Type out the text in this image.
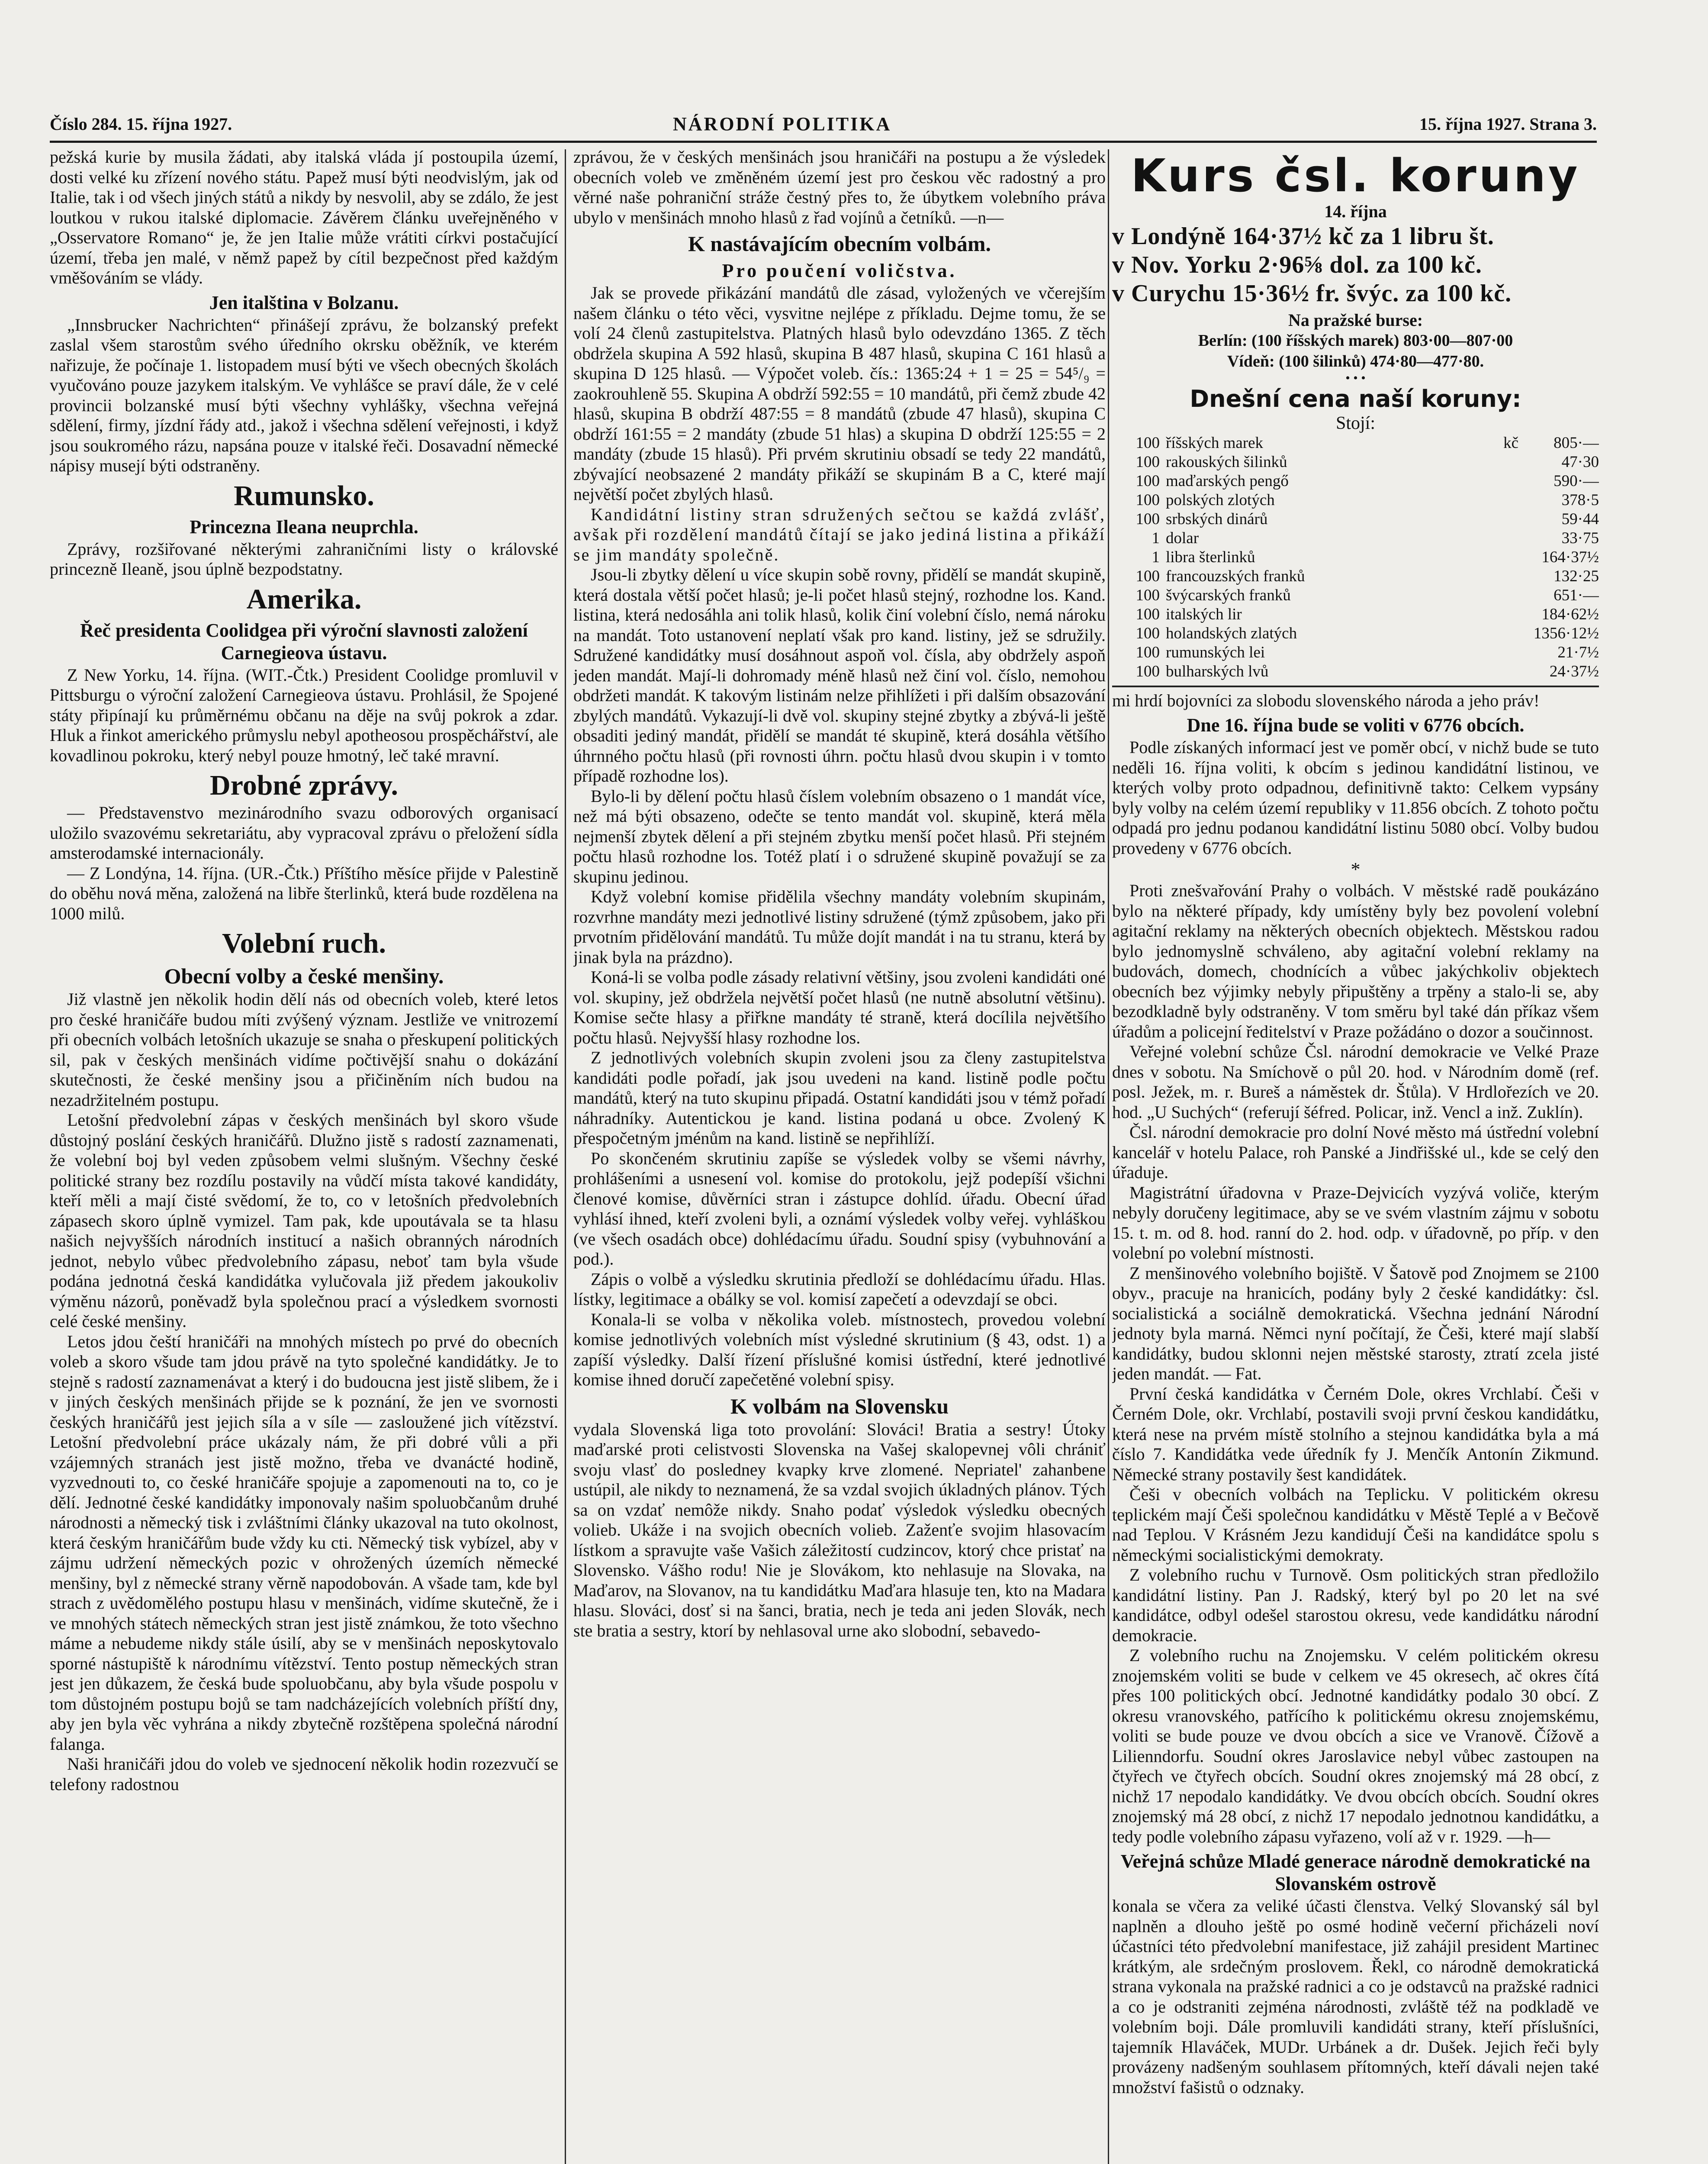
Číslo 284. 15. října 1927.	NÁRODNÍ POLITIKA	15. října 1927. Strana 3.

pežská kurie by musila žádati, aby italská vláda jí postoupila území, dosti velké ku zřízení nového státu. Papež musí býti neodvislým, jak od Italie, tak i od všech jiných států a nikdy by nesvolil, aby se zdálo, že jest loutkou v rukou italské diplomacie. Závěrem článku uveřejněného v „Osservatore Romano“ je, že jen Italie může vrátiti církvi postačující území, třeba jen malé, v němž papež by cítil bezpečnost před každým vměšováním se vlády.

Jen italština v Bolzanu.

„Innsbrucker Nachrichten“ přinášejí zprávu, že bolzanský prefekt zaslal všem starostům svého úředního okrsku oběžník, ve kterém nařizuje, že počínaje 1. listopadem musí býti ve všech obecných školách vyučováno pouze jazykem italským. Ve vyhlášce se praví dále, že v celé provincii bolzanské musí býti všechny vyhlášky, všechna veřejná sdělení, firmy, jízdní řády atd., jakož i všechna sdělení veřejnosti, i když jsou soukromého rázu, napsána pouze v italské řeči. Dosavadní německé nápisy musejí býti odstraněny.

Rumunsko.
Princezna Ileana neuprchla.

Zprávy, rozšiřované některými zahraničními listy o královské princezně Ileaně, jsou úplně bezpodstatny.

Amerika.
Řeč presidenta Coolidgea při výroční slavnosti založení Carnegieova ústavu.

Z New Yorku, 14. října. (WIT.-Čtk.) President Coolidge promluvil v Pittsburgu o výroční založení Carnegieova ústavu. Prohlásil, že Spojené státy připínají ku průměrnému občanu na děje na svůj pokrok a zdar. Hluk a řinkot amerického průmyslu nebyl apotheosou prospěchářství, ale kovadlinou pokroku, který nebyl pouze hmotný, leč také mravní.

Drobné zprávy.

— Představenstvo mezinárodního svazu odborových organisací uložilo svazovému sekretariátu, aby vypracoval zprávu o přeložení sídla amsterodamské internacionály.

— Z Londýna, 14. října. (UR.-Čtk.) Příštího měsíce přijde v Palestině do oběhu nová měna, založená na libře šterlinků, která bude rozdělena na 1000 milů.

Volební ruch.
Obecní volby a české menšiny.

Již vlastně jen několik hodin dělí nás od obecních voleb, které letos pro české hraničáře budou míti zvýšený význam. Jestliže ve vnitrozemí při obecních volbách letošních ukazuje se snaha o přeskupení politických sil, pak v českých menšinách vidíme počtivější snahu o dokázání skutečnosti, že české menšiny jsou a přičiněním ních budou na nezadržitelném postupu.

Letošní předvolební zápas v českých menšinách byl skoro všude důstojný poslání českých hraničářů. Dlužno jistě s radostí zaznamenati, že volební boj byl veden způsobem velmi slušným. Všechny české politické strany bez rozdílu postavily na vůdčí místa takové kandidáty, kteří měli a mají čisté svědomí, že to, co v letošních předvolebních zápasech skoro úplně vymizel. Tam pak, kde upoutávala se ta hlasu našich nejvyšších národních institucí a našich obranných národních jednot, nebylo vůbec předvolebního zápasu, neboť tam byla všude podána jednotná česká kandidátka vylučovala již předem jakoukoliv výměnu názorů, poněvadž byla společnou prací a výsledkem svornosti celé české menšiny.

Letos jdou čeští hraničáři na mnohých místech po prvé do obecních voleb a skoro všude tam jdou právě na tyto společné kandidátky. Je to stejně s radostí zaznamenávat a který i do budoucna jest jistě slibem, že i v jiných českých menšinách přijde se k poznání, že jen ve svornosti českých hraničářů jest jejich síla a v síle — zasloužené jich vítězství. Letošní předvolební práce ukázaly nám, že při dobré vůli a při vzájemných stranách jest jistě možno, třeba ve dvanácté hodině, vyzvednouti to, co české hraničáře spojuje a zapomenouti na to, co je dělí. Jednotné české kandidátky imponovaly našim spoluobčanům druhé národnosti a německý tisk i zvláštními články ukazoval na tuto okolnost, která českým hraničářům bude vždy ku cti. Německý tisk vybízel, aby v zájmu udržení německých pozic v ohrožených územích německé menšiny, byl z německé strany věrně napodobován. A všade tam, kde byl strach z uvědomělého postupu hlasu v menšinách, vidíme skutečně, že i ve mnohých státech německých stran jest jistě známkou, že toto všechno máme a nebudeme nikdy stále úsilí, aby se v menšinách neposkytovalo sporné nástupiště k národnímu vítězství. Tento postup německých stran jest jen důkazem, že česká bude spoluobčanu, aby byla všude pospolu v tom důstojném postupu bojů se tam nadcházejících volebních příští dny, aby jen byla věc vyhrána a nikdy zbytečně rozštěpena společná národní falanga.

Naši hraničáři jdou do voleb ve sjednocení několik hodin rozezvučí se telefony radostnou

zprávou, že v českých menšinách jsou hraničáři na postupu a že výsledek obecních voleb ve změněném území jest pro českou věc radostný a pro věrné naše pohraniční stráže čestný přes to, že úbytkem volebního práva ubylo v menšinách mnoho hlasů z řad vojínů a četníků. —n—

K nastávajícím obecním volbám.
Pro poučení voličstva.

Jak se provede přikázání mandátů dle zásad, vyložených ve včerejším našem článku o této věci, vysvitne nejlépe z příkladu. Dejme tomu, že se volí 24 členů zastupitelstva. Platných hlasů bylo odevzdáno 1365. Z těch obdržela skupina A 592 hlasů, skupina B 487 hlasů, skupina C 161 hlasů a skupina D 125 hlasů. — Výpočet voleb. čís.: 1365:24 + 1 = 25 = 54⁵/₉ = zaokrouhleně 55. Skupina A obdrží 592:55 = 10 mandátů, při čemž zbude 42 hlasů, skupina B obdrží 487:55 = 8 mandátů (zbude 47 hlasů), skupina C obdrží 161:55 = 2 mandáty (zbude 51 hlas) a skupina D obdrží 125:55 = 2 mandáty (zbude 15 hlasů). Při prvém skrutiniu obsadí se tedy 22 mandátů, zbývající neobsazené 2 mandáty přikáží se skupinám B a C, které mají největší počet zbylých hlasů.

Kandidátní listiny stran sdružených sečtou se každá zvlášť, avšak při rozdělení mandátů čítají se jako jediná listina a přikáží se jim mandáty společně.

Jsou-li zbytky dělení u více skupin sobě rovny, přidělí se mandát skupině, která dostala větší počet hlasů; je-li počet hlasů stejný, rozhodne los. Kand. listina, která nedosáhla ani tolik hlasů, kolik činí volební číslo, nemá nároku na mandát. Toto ustanovení neplatí však pro kand. listiny, jež se sdružily. Sdružené kandidátky musí dosáhnout aspoň vol. čísla, aby obdržely aspoň jeden mandát. Mají-li dohromady méně hlasů než činí vol. číslo, nemohou obdržeti mandát. K takovým listinám nelze přihlížeti i při dalším obsazování zbylých mandátů. Vykazují-li dvě vol. skupiny stejné zbytky a zbývá-li ještě obsaditi jediný mandát, přidělí se mandát té skupině, která dosáhla většího úhrnného počtu hlasů (při rovnosti úhrn. počtu hlasů dvou skupin i v tomto případě rozhodne los).

Bylo-li by dělení počtu hlasů číslem volebním obsazeno o 1 mandát více, než má býti obsazeno, odečte se tento mandát vol. skupině, která měla nejmenší zbytek dělení a při stejném zbytku menší počet hlasů. Při stejném počtu hlasů rozhodne los. Totéž platí i o sdružené skupině považují se za skupinu jedinou.

Když volební komise přidělila všechny mandáty volebním skupinám, rozvrhne mandáty mezi jednotlivé listiny sdružené (týmž způsobem, jako při prvotním přidělování mandátů. Tu může dojít mandát i na tu stranu, která by jinak byla na prázdno).

Koná-li se volba podle zásady relativní většiny, jsou zvoleni kandidáti oné vol. skupiny, jež obdržela největší počet hlasů (ne nutně absolutní většinu). Komise sečte hlasy a přiřkne mandáty té straně, která docílila největšího počtu hlasů. Nejvyšší hlasy rozhodne los.

Z jednotlivých volebních skupin zvoleni jsou za členy zastupitelstva kandidáti podle pořadí, jak jsou uvedeni na kand. listině podle počtu mandátů, který na tuto skupinu připadá. Ostatní kandidáti jsou v témž pořadí náhradníky. Autentickou je kand. listina podaná u obce. Zvolený K přespočetným jménům na kand. listině se nepřihlíží.

Po skončeném skrutiniu zapíše se výsledek volby se všemi návrhy, prohlášeními a usnesení vol. komise do protokolu, jejž podepíší všichni členové komise, důvěrníci stran i zástupce dohlíd. úřadu. Obecní úřad vyhlásí ihned, kteří zvoleni byli, a oznámí výsledek volby veřej. vyhláškou (ve všech osadách obce) dohlédacímu úřadu. Soudní spisy (vybuhnování a pod.).

Zápis o volbě a výsledku skrutinia předloží se dohlédacímu úřadu. Hlas. lístky, legitimace a obálky se vol. komisí zapečetí a odevzdají se obci.

Konala-li se volba v několika voleb. místnostech, provedou volební komise jednotlivých volebních míst výsledné skrutinium (§ 43, odst. 1) a zapíší výsledky. Další řízení příslušné komisi ústřední, které jednotlivé komise ihned doručí zapečetěné volební spisy.

K volbám na Slovensku

vydala Slovenská liga toto provolání: Slováci! Bratia a sestry! Útoky maďarské proti celistvosti Slovenska na Vašej skalopevnej vôli chrániť svoju vlasť do posledney kvapky krve zlomené. Nepriatel' zahanbene ustúpil, ale nikdy to neznamená, že sa vzdal svojich úkladných plánov. Tých sa on vzdať nemôže nikdy. Snaho podať výsledok výsledku obecných volieb. Ukáže i na svojich obecních volieb. Zaženťe svojim hlasovacím lístkom a spravujte vaše Vašich záležitostí cudzincov, ktorý chce pristať na Slovensko. Vášho rodu! Nie je Slovákom, kto nehlasuje na Slovaka, na Maďarov, na Slovanov, na tu kandidátku Maďara hlasuje ten, kto na Madara hlasu. Slováci, dosť si na šanci, bratia, nech je teda ani jeden Slovák, nech ste bratia a sestry, ktorí by nehlasoval urne ako slobodní, sebavedo-

Kurs čsl. koruny
14. října
v Londýně 164·37½ kč za 1 libru št.
v Nov. Yorku 2·96⅝ dol. za 100 kč.
v Curychu 15·36½ fr. švýc. za 100 kč.
Na pražské burse:
Berlín: (100 říšských marek) 803·00—807·00
Vídeň: (100 šilinků) 474·80—477·80.
• • •
Dnešní cena naší koruny:
Stojí:
100	říšských marek	kč	805·—
100	rakouských šilinků		47·30
100	maďarských pengő		590·—
100	polských zlotých		378·5
100	srbských dinárů		59·44
1	dolar		33·75
1	libra šterlinků		164·37½
100	francouzských franků		132·25
100	švýcarských franků		651·—
100	italských lir		184·62½
100	holandských zlatých		1356·12½
100	rumunských lei		21·7½
100	bulharských lvů		24·37½

mi hrdí bojovníci za slobodu slovenského národa a jeho práv!

Dne 16. října bude se voliti v 6776 obcích.

Podle získaných informací jest ve poměr obcí, v nichž bude se tuto neděli 16. října voliti, k obcím s jedinou kandidátní listinou, ve kterých volby proto odpadnou, definitivně takto: Celkem vypsány byly volby na celém území republiky v 11.856 obcích. Z tohoto počtu odpadá pro jednu podanou kandidátní listinu 5080 obcí. Volby budou provedeny v 6776 obcích.

*

Proti znešvařování Prahy o volbách. V městské radě poukázáno bylo na některé případy, kdy umístěny byly bez povolení volební agitační reklamy na některých obecních objektech. Městskou radou bylo jednomyslně schváleno, aby agitační volební reklamy na budovách, domech, chodnících a vůbec jakýchkoliv objektech obecních bez výjimky nebyly připuštěny a trpěny a stalo-li se, aby bezodkladně byly odstraněny. V tom směru byl také dán příkaz všem úřadům a policejní ředitelství v Praze požádáno o dozor a součinnost.

Veřejné volební schůze Čsl. národní demokracie ve Velké Praze dnes v sobotu. Na Smíchově o půl 20. hod. v Národním domě (ref. posl. Ježek, m. r. Bureš a náměstek dr. Štůla). V Hrdlořezích ve 20. hod. „U Suchých“ (referují šéfred. Policar, inž. Vencl a inž. Zuklín).

Čsl. národní demokracie pro dolní Nové město má ústřední volební kancelář v hotelu Palace, roh Panské a Jindřišské ul., kde se celý den úřaduje.

Magistrátní úřadovna v Praze-Dejvicích vyzývá voliče, kterým nebyly doručeny legitimace, aby se ve svém vlastním zájmu v sobotu 15. t. m. od 8. hod. ranní do 2. hod. odp. v úřadovně, po příp. v den volební po volební místnosti.

Z menšinového volebního bojiště. V Šatově pod Znojmem se 2100 obyv., pracuje na hranicích, podány byly 2 české kandidátky: čsl. socialistická a sociálně demokratická. Všechna jednání Národní jednoty byla marná. Němci nyní počítají, že Češi, které mají slabší kandidátky, budou sklonni nejen městské starosty, ztratí zcela jisté jeden mandát. — Fat.

První česká kandidátka v Černém Dole, okres Vrchlabí. Češi v Černém Dole, okr. Vrchlabí, postavili svoji první českou kandidátku, která nese na prvém místě stolního a stejnou kandidátka byla a má číslo 7. Kandidátka vede úředník fy J. Menčík Antonín Zikmund. Německé strany postavily šest kandidátek.

Češi v obecních volbách na Teplicku. V politickém okresu teplickém mají Češi společnou kandidátku v Městě Teplé a v Bečově nad Teplou. V Krásném Jezu kandidují Češi na kandidátce spolu s německými socialistickými demokraty.

Z volebního ruchu v Turnově. Osm politických stran předložilo kandidátní listiny. Pan J. Radský, který byl po 20 let na své kandidátce, odbyl odešel starostou okresu, vede kandidátku národní demokracie.

Z volebního ruchu na Znojemsku. V celém politickém okresu znojemském voliti se bude v celkem ve 45 okresech, ač okres čítá přes 100 politických obcí. Jednotné kandidátky podalo 30 obcí. Z okresu vranovského, patřícího k politickému okresu znojemskému, voliti se bude pouze ve dvou obcích a sice ve Vranově. Čížově a Lilienndorfu. Soudní okres Jaroslavice nebyl vůbec zastoupen na čtyřech ve čtyřech obcích. Soudní okres znojemský má 28 obcí, z nichž 17 nepodalo kandidátky. Ve dvou obcích obcích. Soudní okres znojemský má 28 obcí, z nichž 17 nepodalo jednotnou kandidátku, a tedy podle volebního zápasu vyřazeno, volí až v r. 1929. —h—

Veřejná schůze Mladé generace národně demokratické na Slovanském ostrově

konala se včera za veliké účasti členstva. Velký Slovanský sál byl naplněn a dlouho ještě po osmé hodině večerní přicházeli noví účastníci této předvolební manifestace, již zahájil president Martinec krátkým, ale srdečným proslovem. Řekl, co národně demokratická strana vykonala na pražské radnici a co je odstavců na pražské radnici a co je odstraniti zejména národnosti, zvláště též na podkladě ve volebním boji. Dále promluvili kandidáti strany, kteří příslušníci, tajemník Hlaváček, MUDr. Urbánek a dr. Dušek. Jejich řeči byly provázeny nadšeným souhlasem přítomných, kteří dávali nejen také množství fašistů o odznaky.
